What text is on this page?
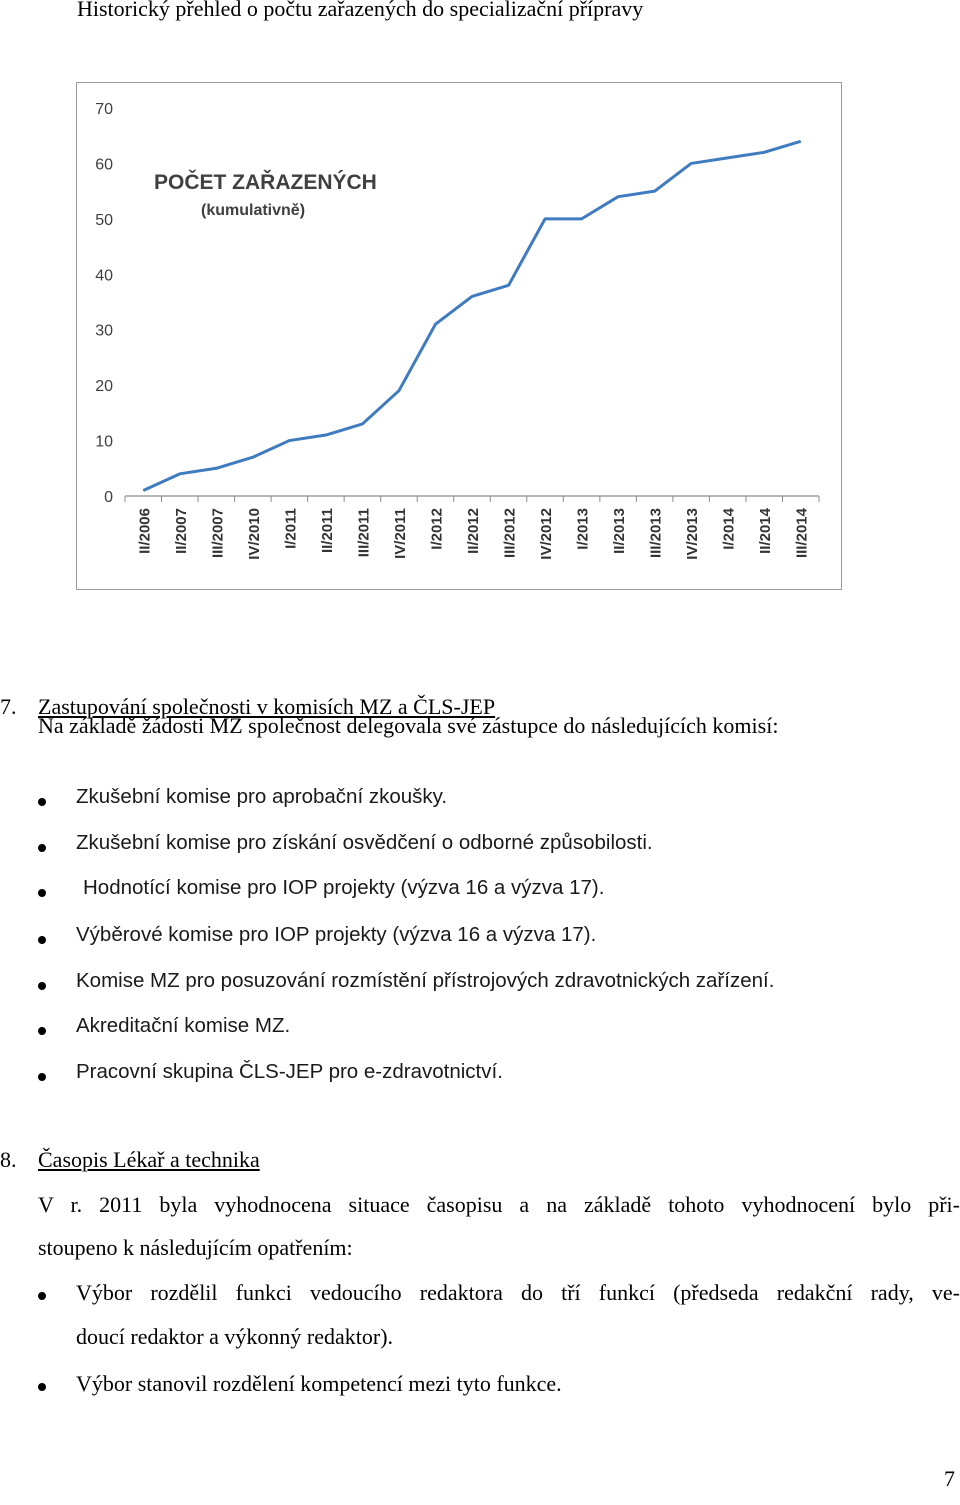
Historický přehled o počtu zařazených do specializační přípravy
0
10
20
30
40
50
60
70
II/2006 II/2007 III/2007 IV/2010 I/2011 II/2011 III/2011 IV/2011 I/2012 II/2012 III/2012 IV/2012 I/2013 II/2013 III/2013 IV/2013 I/2014 II/2014 III/2014
POČET ZAŘAZENÝCH
(kumulativně)
7. Zastupování společnosti v komisích MZ a ČLS-JEP
Na základě žádosti MZ společnost delegovala své zástupce do následujících komisí:
Zkušební komise pro aprobační zkoušky.
Zkušební komise pro získání osvědčení o odborné způsobilosti.
Hodnotící komise pro IOP projekty (výzva 16 a výzva 17).
Výběrové komise pro IOP projekty (výzva 16 a výzva 17).
Komise MZ pro posuzování rozmístění přístrojových zdravotnických zařízení.
Akreditační komise MZ.
Pracovní skupina ČLS-JEP pro e-zdravotnictví.
8. Časopis Lékař a technika
V r. 2011 byla vyhodnocena situace časopisu a na základě tohoto vyhodnocení bylo při-
stoupeno k následujícím opatřením:
Výbor rozdělil funkci vedoucího redaktora do tří funkcí (předseda redakční rady, ve-
doucí redaktor a výkonný redaktor).
Výbor stanovil rozdělení kompetencí mezi tyto funkce.
7
